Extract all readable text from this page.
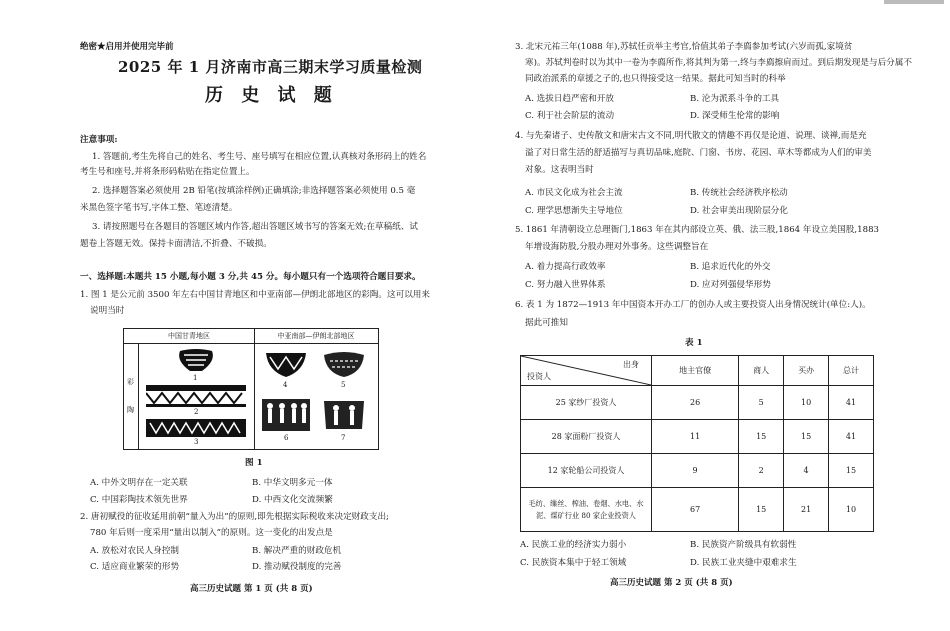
绝密★启用并使用完毕前
2025 年 1 月济南市高三期末学习质量检测
历 史 试 题
注意事项:
1. 答题前,考生先将自己的姓名、考生号、座号填写在相应位置,认真核对条形码上的姓名
考生号和座号,并将条形码粘贴在指定位置上。
2. 选择题答案必须使用 2B 铅笔(按填涂样例)正确填涂;非选择题答案必须使用 0.5 毫
米黑色签字笔书写,字体工整、笔迹清楚。
3. 请按照题号在各题目的答题区域内作答,超出答题区域书写的答案无效;在草稿纸、试
题卷上答题无效。保持卡面清洁,不折叠、不破损。
一、选择题:本题共 15 小题,每小题 3 分,共 45 分。每小题只有一个选项符合题目要求。
1. 图 1 是公元前 3500 年左右中国甘青地区和中亚南部—伊朗北部地区的彩陶。这可以用来
说明当时
中国甘青地区	中亚南部—伊朗北部地区
彩
陶
1
2
3
4	5
6	7
图 1
A. 中外文明存在一定关联	B. 中华文明多元一体
C. 中国彩陶技术领先世界	D. 中西文化交流频繁
2. 唐初赋役的征收延用前朝“量入为出”的原则,即先根据实际税收来决定财政支出;
780 年后则一度采用“量出以制入”的原则。这一变化的出发点是
A. 放松对农民人身控制	B. 解决严重的财政危机
C. 适应商业繁荣的形势	D. 推动赋役制度的完善
高三历史试题 第 1 页 (共 8 页)
3. 北宋元祐三年(1088 年),苏轼任贡举主考官,恰值其弟子李廌参加考试(六岁而孤,家境贫
寒)。苏轼判卷时以为其中一卷为李廌所作,将其判为第一,终与李廌擦肩而过。到后期发现是与后分属不
同政治派系的章援之子的,也只得接受这一结果。据此可知当时的科举
A. 选拔日趋严密和开放	B. 沦为派系斗争的工具
C. 利于社会阶层的流动	D. 深受师生伦常的影响
4. 与先秦诸子、史传散文和唐宋古文不同,明代散文的情趣不再仅是论道、说理、谈禅,而是充
溢了对日常生活的舒适描写与真切品味,庭院、门窗、书房、花园、草木等都成为人们的审美
对象。这表明当时
A. 市民文化成为社会主流	B. 传统社会经济秩序松动
C. 理学思想渐失主导地位	D. 社会审美出现阶层分化
5. 1861 年清朝设立总理衙门,1863 年在其内部设立英、俄、法三股,1864 年设立美国股,1883
年增设海防股,分股办理对外事务。这些调整旨在
A. 着力提高行政效率	B. 追求近代化的外交
C. 努力融入世界体系	D. 应对列强侵华形势
6. 表 1 为 1872—1913 年中国资本开办工厂的创办人或主要投资人出身情况统计(单位:人)。
据此可推知
表 1
出身
投资人	地主官僚	商人	买办	总计
25 家纱厂投资人	26	5	10	41
28 家面粉厂投资人	11	15	15	41
12 家轮船公司投资人	9	2	4	15

毛纺、缫丝、榨油、卷烟、水电、水
泥、煤矿行业 80 家企业投资人	67	15	21	10
A. 民族工业的经济实力弱小	B. 民族资产阶级具有软弱性
C. 民族资本集中于轻工领域	D. 民族工业夹缝中艰难求生
高三历史试题 第 2 页 (共 8 页)
